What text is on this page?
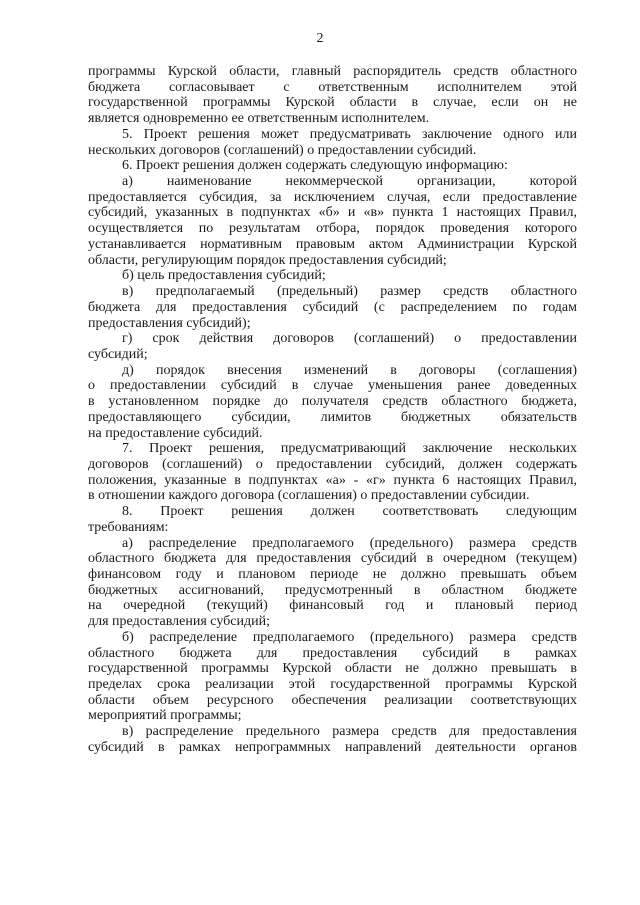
2
программы Курской области, главный распорядитель средств областного
бюджета согласовывает с ответственным исполнителем этой
государственной программы Курской области в случае, если он не
является одновременно ее ответственным исполнителем.
5. Проект решения может предусматривать заключение одного или
нескольких договоров (соглашений) о предоставлении субсидий.
6. Проект решения должен содержать следующую информацию:
а) наименование некоммерческой организации, которой
предоставляется субсидия, за исключением случая, если предоставление
субсидий, указанных в подпунктах «б» и «в» пункта 1 настоящих Правил,
осуществляется по результатам отбора, порядок проведения которого
устанавливается нормативным правовым актом Администрации Курской
области, регулирующим порядок предоставления субсидий;
б) цель предоставления субсидий;
в) предполагаемый (предельный) размер средств областного
бюджета для предоставления субсидий (с распределением по годам
предоставления субсидий);
г) срок действия договоров (соглашений) о предоставлении
субсидий;
д) порядок внесения изменений в договоры (соглашения)
о предоставлении субсидий в случае уменьшения ранее доведенных
в установленном порядке до получателя средств областного бюджета,
предоставляющего субсидии, лимитов бюджетных обязательств
на предоставление субсидий.
7. Проект решения, предусматривающий заключение нескольких
договоров (соглашений) о предоставлении субсидий, должен содержать
положения, указанные в подпунктах «а» - «г» пункта 6 настоящих Правил,
в отношении каждого договора (соглашения) о предоставлении субсидии.
8. Проект решения должен соответствовать следующим
требованиям:
а) распределение предполагаемого (предельного) размера средств
областного бюджета для предоставления субсидий в очередном (текущем)
финансовом году и плановом периоде не должно превышать объем
бюджетных ассигнований, предусмотренный в областном бюджете
на очередной (текущий) финансовый год и плановый период
для предоставления субсидий;
б) распределение предполагаемого (предельного) размера средств
областного бюджета для предоставления субсидий в рамках
государственной программы Курской области не должно превышать в
пределах срока реализации этой государственной программы Курской
области объем ресурсного обеспечения реализации соответствующих
мероприятий программы;
в) распределение предельного размера средств для предоставления
субсидий в рамках непрограммных направлений деятельности органов
